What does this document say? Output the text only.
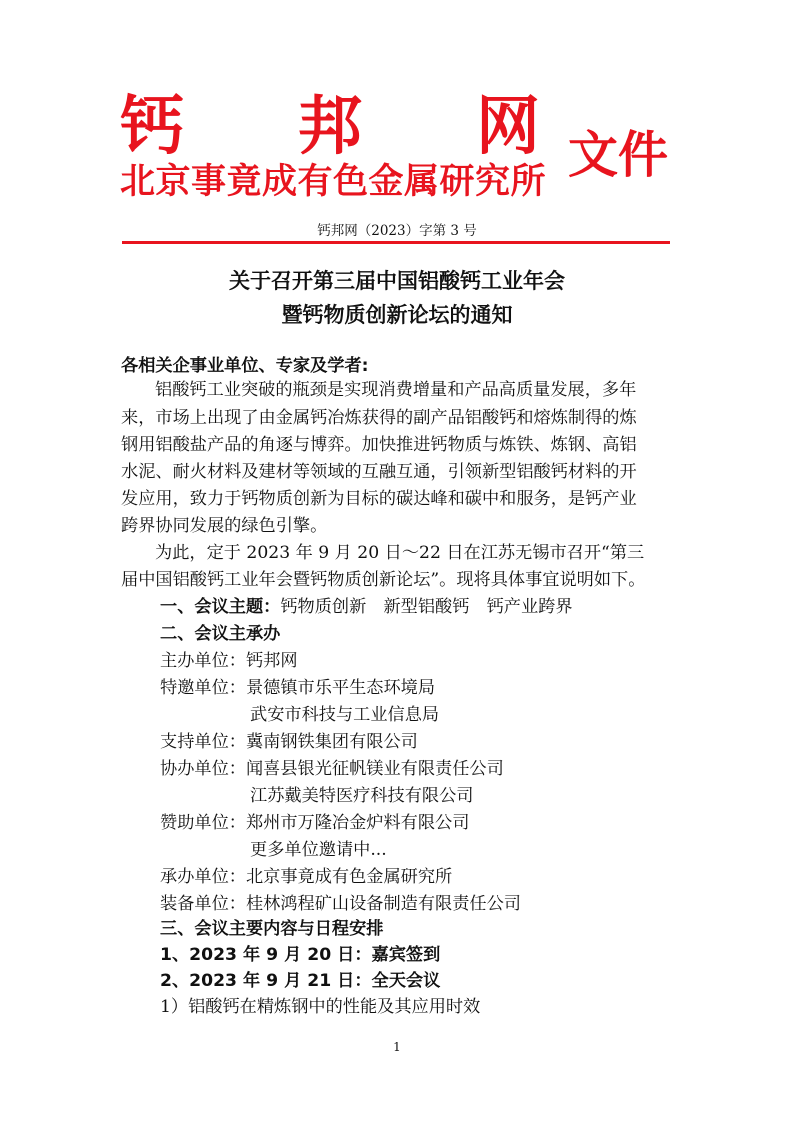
钙 邦 网
北京事竟成有色金属研究所 文件
钙邦网（2023）字第 3 号
关于召开第三届中国铝酸钙工业年会
暨钙物质创新论坛的通知
各相关企事业单位、专家及学者:
铝酸钙工业突破的瓶颈是实现消费增量和产品高质量发展，多年
来，市场上出现了由金属钙冶炼获得的副产品铝酸钙和熔炼制得的炼
钢用铝酸盐产品的角逐与博弈。加快推进钙物质与炼铁、炼钢、高铝
水泥、耐火材料及建材等领域的互融互通，引领新型铝酸钙材料的开
发应用，致力于钙物质创新为目标的碳达峰和碳中和服务，是钙产业
跨界协同发展的绿色引擎。
为此，定于 2023 年 9 月 20 日～22 日在江苏无锡市召开“第三
届中国铝酸钙工业年会暨钙物质创新论坛”。现将具体事宜说明如下。
一、会议主题：钙物质创新　新型铝酸钙　钙产业跨界
二、会议主承办
主办单位：钙邦网
特邀单位：景德镇市乐平生态环境局
武安市科技与工业信息局
支持单位：冀南钢铁集团有限公司
协办单位：闻喜县银光征帆镁业有限责任公司
江苏戴美特医疗科技有限公司
赞助单位：郑州市万隆冶金炉料有限公司
更多单位邀请中...
承办单位：北京事竟成有色金属研究所
装备单位：桂林鸿程矿山设备制造有限责任公司
三、会议主要内容与日程安排
1、2023 年 9 月 20 日：嘉宾签到
2、2023 年 9 月 21 日：全天会议
1）铝酸钙在精炼钢中的性能及其应用时效
1
